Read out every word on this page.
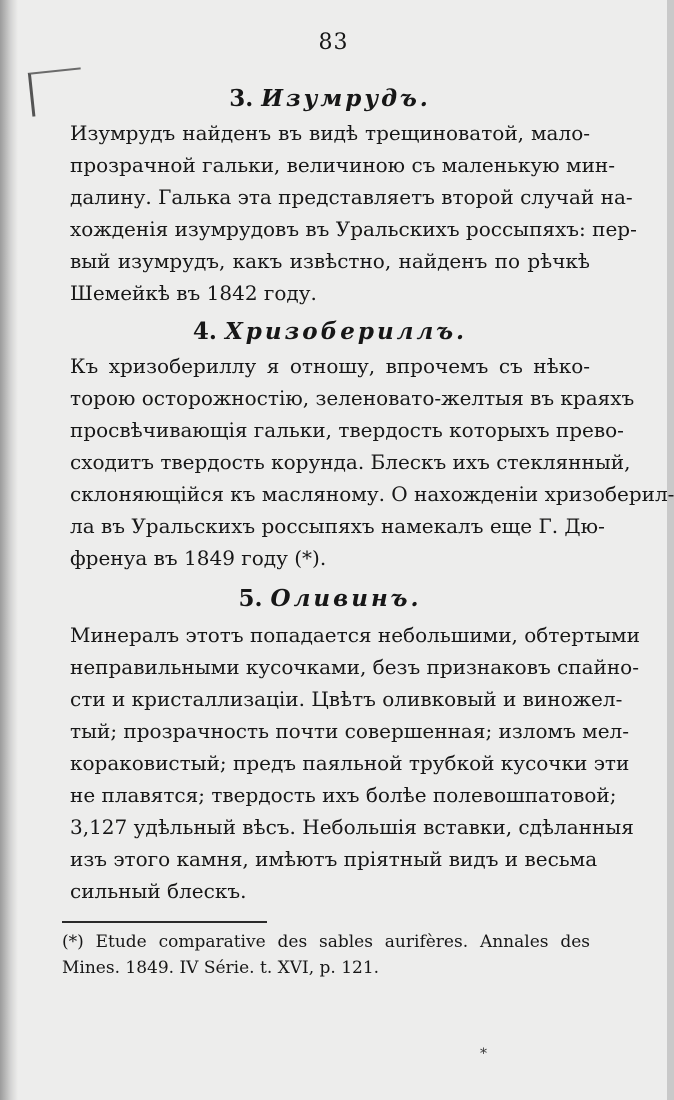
83
3. Изумрудъ.
Изумрудъ найденъ въ видѣ трещиноватой, мало-
прозрачной гальки, величиною съ маленькую мин-
далину. Галька эта представляетъ второй случай на-
хожденія изумрудовъ въ Уральскихъ россыпяхъ: пер-
вый изумрудъ, какъ извѣстно, найденъ по рѣчкѣ
Шемейкѣ въ 1842 году.
4. Хризобериллъ.
Къ хризобериллу я отношу, впрочемъ съ нѣко-
торою осторожностію, зеленовато-желтыя въ краяхъ
просвѣчивающія гальки, твердость которыхъ прево-
сходитъ твердость корунда. Блескъ ихъ стеклянный,
склоняющійся къ масляному. О нахожденіи хризоберил-
ла въ Уральскихъ россыпяхъ намекалъ еще Г. Дю-
френуа въ 1849 году (*).
5. Оливинъ.
Минералъ этотъ попадается небольшими, обтертыми
неправильными кусочками, безъ признаковъ спайно-
сти и кристаллизаціи. Цвѣтъ оливковый и виножел-
тый; прозрачность почти совершенная; изломъ мел-
кораковистый; предъ паяльной трубкой кусочки эти
не плавятся; твердость ихъ болѣе полевошпатовой;
3,127 удѣльный вѣсъ. Небольшія вставки, сдѣланныя
изъ этого камня, имѣютъ пріятный видъ и весьма
сильный блескъ.
(*) Etude comparative des sables aurifères. Annales des
Mines. 1849. IV Série. t. XVI, p. 121.
*
